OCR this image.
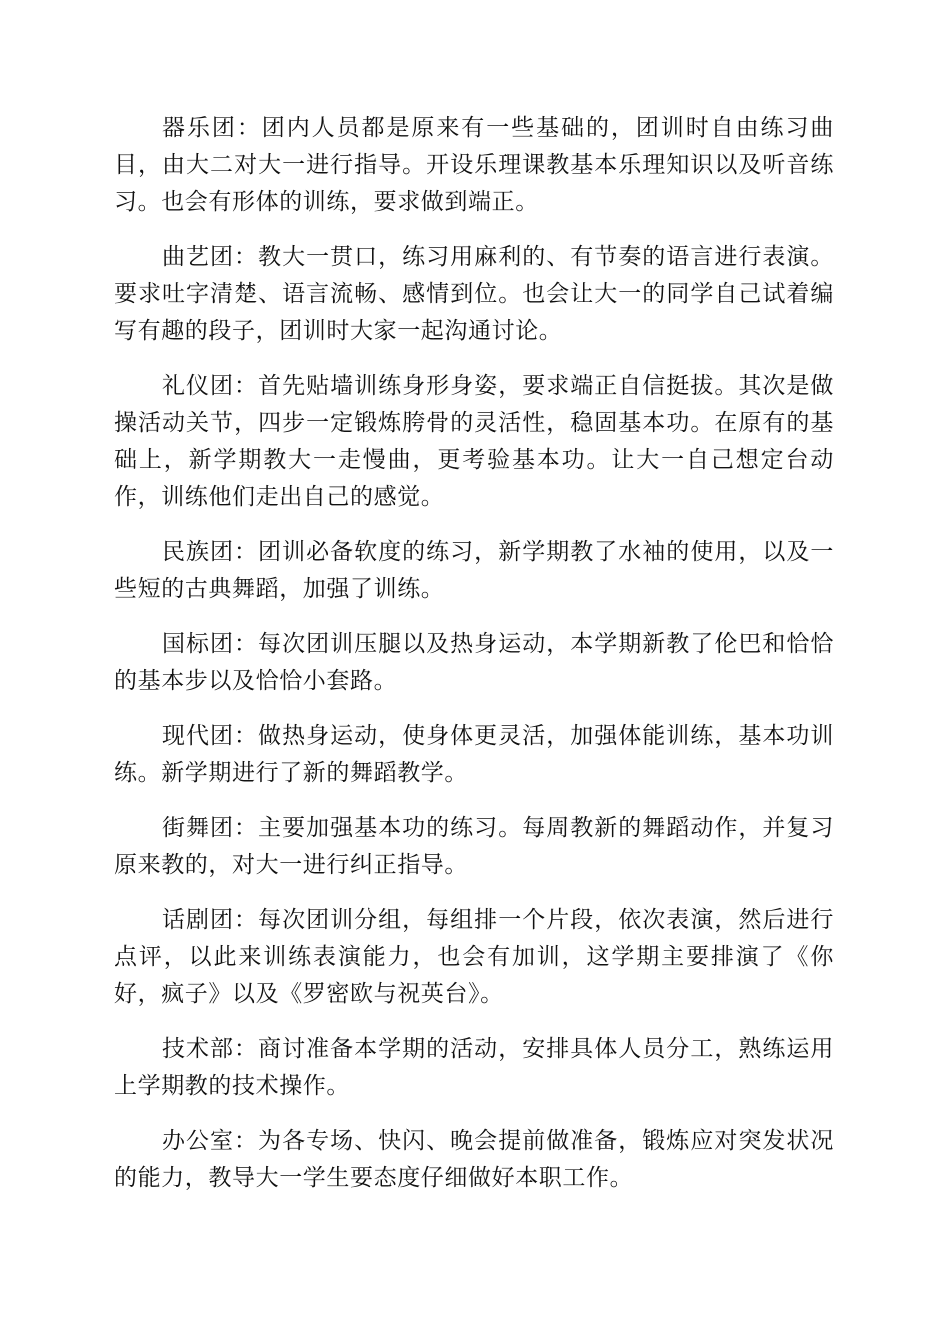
器乐团：团内人员都是原来有一些基础的，团训时自由练习曲目，由大二对大一进行指导。开设乐理课教基本乐理知识以及听音练习。也会有形体的训练，要求做到端正。

曲艺团：教大一贯口，练习用麻利的、有节奏的语言进行表演。要求吐字清楚、语言流畅、感情到位。也会让大一的同学自己试着编写有趣的段子，团训时大家一起沟通讨论。

礼仪团：首先贴墙训练身形身姿，要求端正自信挺拔。其次是做操活动关节，四步一定锻炼胯骨的灵活性，稳固基本功。在原有的基础上，新学期教大一走慢曲，更考验基本功。让大一自己想定台动作，训练他们走出自己的感觉。

民族团：团训必备软度的练习，新学期教了水袖的使用，以及一些短的古典舞蹈，加强了训练。

国标团：每次团训压腿以及热身运动，本学期新教了伦巴和恰恰的基本步以及恰恰小套路。

现代团：做热身运动，使身体更灵活，加强体能训练，基本功训练。新学期进行了新的舞蹈教学。

街舞团：主要加强基本功的练习。每周教新的舞蹈动作，并复习原来教的，对大一进行纠正指导。

话剧团：每次团训分组，每组排一个片段，依次表演，然后进行点评，以此来训练表演能力，也会有加训，这学期主要排演了《你好，疯子》以及《罗密欧与祝英台》。

技术部：商讨准备本学期的活动，安排具体人员分工，熟练运用上学期教的技术操作。

办公室：为各专场、快闪、晚会提前做准备，锻炼应对突发状况的能力，教导大一学生要态度仔细做好本职工作。
